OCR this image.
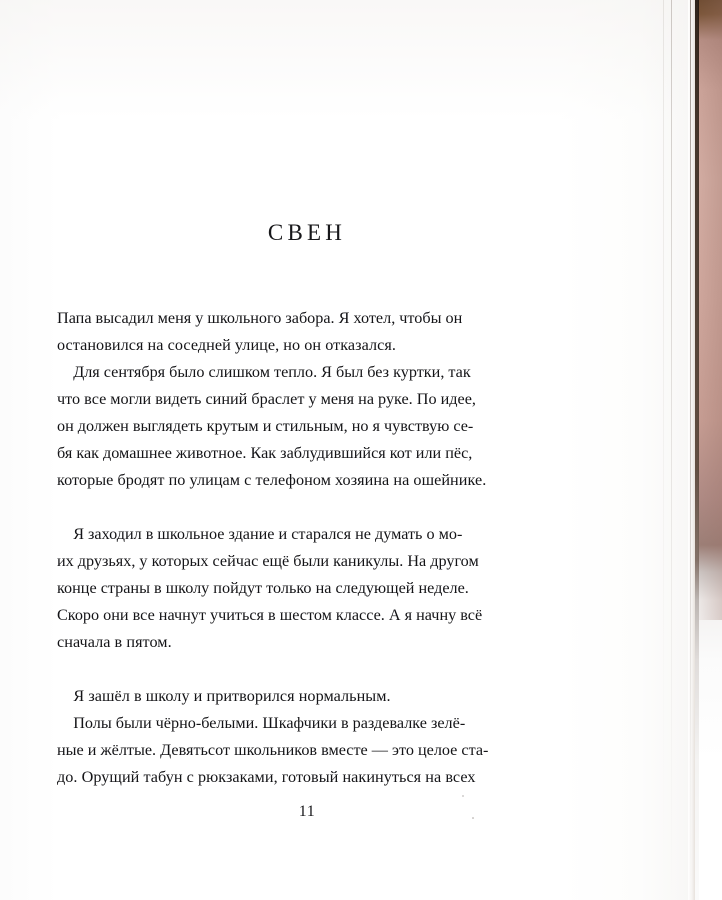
СВЕН

Папа высадил меня у школьного забора. Я хотел, чтобы он
остановился на соседней улице, но он отказался.

Для сентября было слишком тепло. Я был без куртки, так
что все могли видеть синий браслет у меня на руке. По идее,
он должен выглядеть крутым и стильным, но я чувствую се-
бя как домашнее животное. Как заблудившийся кот или пёс,
которые бродят по улицам с телефоном хозяина на ошейнике.

Я заходил в школьное здание и старался не думать о мо-
их друзьях, у которых сейчас ещё были каникулы. На другом
конце страны в школу пойдут только на следующей неделе.
Скоро они все начнут учиться в шестом классе. А я начну всё
сначала в пятом.

Я зашёл в школу и притворился нормальным.

Полы были чёрно-белыми. Шкафчики в раздевалке зелё-
ные и жёлтые. Девятьсот школьников вместе — это целое ста-
до. Орущий табун с рюкзаками, готовый накинуться на всех

11
